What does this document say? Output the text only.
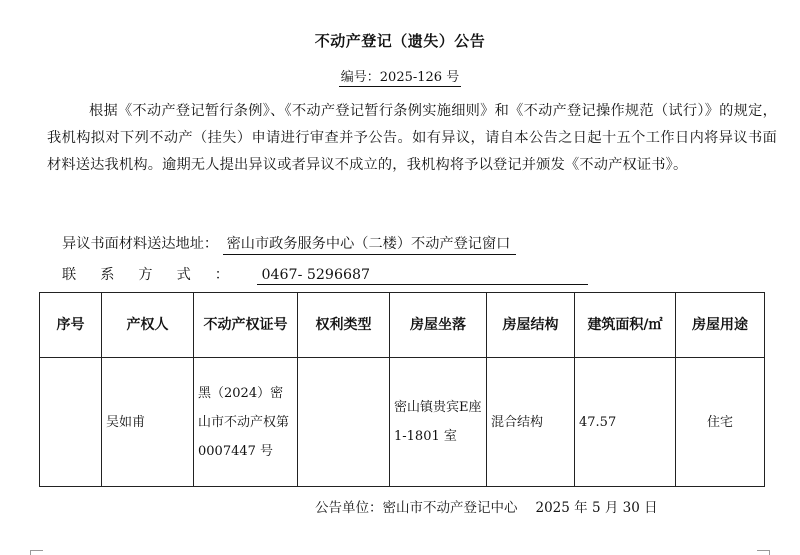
不动产登记（遗失）公告
编号：2025-126 号
根据《不动产登记暂行条例》、《不动产登记暂行条例实施细则》和《不动产登记操作规范（试行）》的规定，我机构拟对下列不动产（挂失）申请进行审查并予公告。如有异议，请自本公告之日起十五个工作日内将异议书面材料送达我机构。逾期无人提出异议或者异议不成立的，我机构将予以登记并颁发《不动产权证书》。
异议书面材料送达地址： 密山市政务服务中心（二楼）不动产登记窗口
联系方式： 0467- 5296687
序号	产权人	不动产权证号	权利类型	房屋坐落	房屋结构	建筑面积/㎡	房屋用途
	吴如甫	黑（2024）密山市不动产权第 0007447 号		密山镇贵宾E座 1-1801 室	混合结构	47.57	住宅
公告单位：密山市不动产登记中心 2025 年 5 月 30 日
